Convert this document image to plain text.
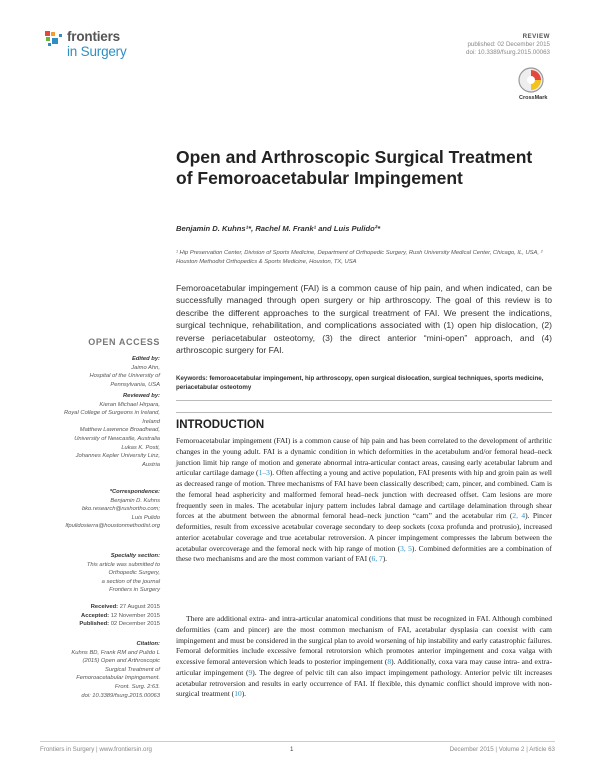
frontiers
in Surgery
REVIEW
published: 02 December 2015
doi: 10.3389/fsurg.2015.00063
CrossMark
Open and Arthroscopic Surgical Treatment of Femoroacetabular Impingement
Benjamin D. Kuhns¹*, Rachel M. Frank¹ and Luis Pulido²*
¹ Hip Preservation Center, Division of Sports Medicine, Department of Orthopedic Surgery, Rush University Medical Center, Chicago, IL, USA, ² Houston Methodist Orthopedics & Sports Medicine, Houston, TX, USA
Femoroacetabular impingement (FAI) is a common cause of hip pain, and when indicated, can be successfully managed through open surgery or hip arthroscopy. The goal of this review is to describe the different approaches to the surgical treatment of FAI. We present the indications, surgical technique, rehabilitation, and complications associated with (1) open hip dislocation, (2) reverse periacetabular osteotomy, (3) the direct anterior “mini-open” approach, and (4) arthroscopic surgery for FAI.
Keywords: femoroacetabular impingement, hip arthroscopy, open surgical dislocation, surgical techniques, sports medicine, periacetabular osteotomy
INTRODUCTION

Femoroacetabular impingement (FAI) is a common cause of hip pain and has been correlated to the development of arthritic changes in the young adult. FAI is a dynamic condition in which deformities in the acetabulum and/or femoral head–neck junction limit hip range of motion and generate abnormal intra-articular contact areas, causing early acetabular labrum and articular cartilage damage (1–3). Often affecting a young and active population, FAI presents with hip and groin pain as well as decreased range of motion. Three mechanisms of FAI have been classically described; cam, pincer, and combined. Cam is the femoral head asphericity and malformed femoral head–neck junction with decreased offset. Cam lesions are more frequently seen in males. The acetabular injury pattern includes labral damage and cartilage delamination through shear forces at the abutment between the abnormal femoral head–neck junction “cam” and the acetabular rim (2, 4). Pincer deformities, result from excessive acetabular coverage secondary to deep sockets (coxa profunda and protrusio), increased anterior acetabular coverage and true acetabular retroversion. A pincer impingement compresses the labrum between the acetabular overcoverage and the femoral neck with hip range of motion (3, 5). Combined deformities are a combination of these two mechanisms and are the most common variant of FAI (6, 7).

There are additional extra- and intra-articular anatomical conditions that must be recognized in FAI. Although combined deformities (cam and pincer) are the most common mechanism of FAI, acetabular dysplasia can coexist with cam impingement and must be considered in the surgical plan to avoid worsening of hip instability and early catastrophic failures. Femoral deformities include excessive femoral retrotorsion which promotes anterior impingement and coxa valga with excessive femoral anteversion which leads to posterior impingement (8). Additionally, coxa vara may cause intra- and extra-articular impingement (9). The degree of pelvic tilt can also impact impingement pathology. Anterior pelvic tilt increases acetabular retroversion and results in early occurrence of FAI. If flexible, this dynamic conflict should improve with non-surgical treatment (10).

OPEN ACCESS
Edited by:
Jaimo Ahn,
Hospital of the University of
Pennsylvania, USA
Reviewed by:
Kieran Michael Hirpara,
Royal College of Surgeons in Ireland,
Ireland
Matthew Lawrence Broadhead,
University of Newcastle, Australia
Lukas K. Posti,
Johannes Kepler University Linz,
Austria
*Correspondence:
Benjamin D. Kuhns
bko.research@rushortho.com;
Luis Pulido
lfpulidosierra@houstonmethodist.org
Specialty section:
This article was submitted to
Orthopedic Surgery,
a section of the journal
Frontiers in Surgery
Received: 27 August 2015
Accepted: 12 November 2015
Published: 02 December 2015
Citation:
Kuhns BD, Frank RM and Pulido L
(2015) Open and Arthroscopic
Surgical Treatment of
Femoroacetabular Impingement.
Front. Surg. 2:63.
doi: 10.3389/fsurg.2015.00063
Frontiers in Surgery | www.frontiersin.org	1	December 2015 | Volume 2 | Article 63
